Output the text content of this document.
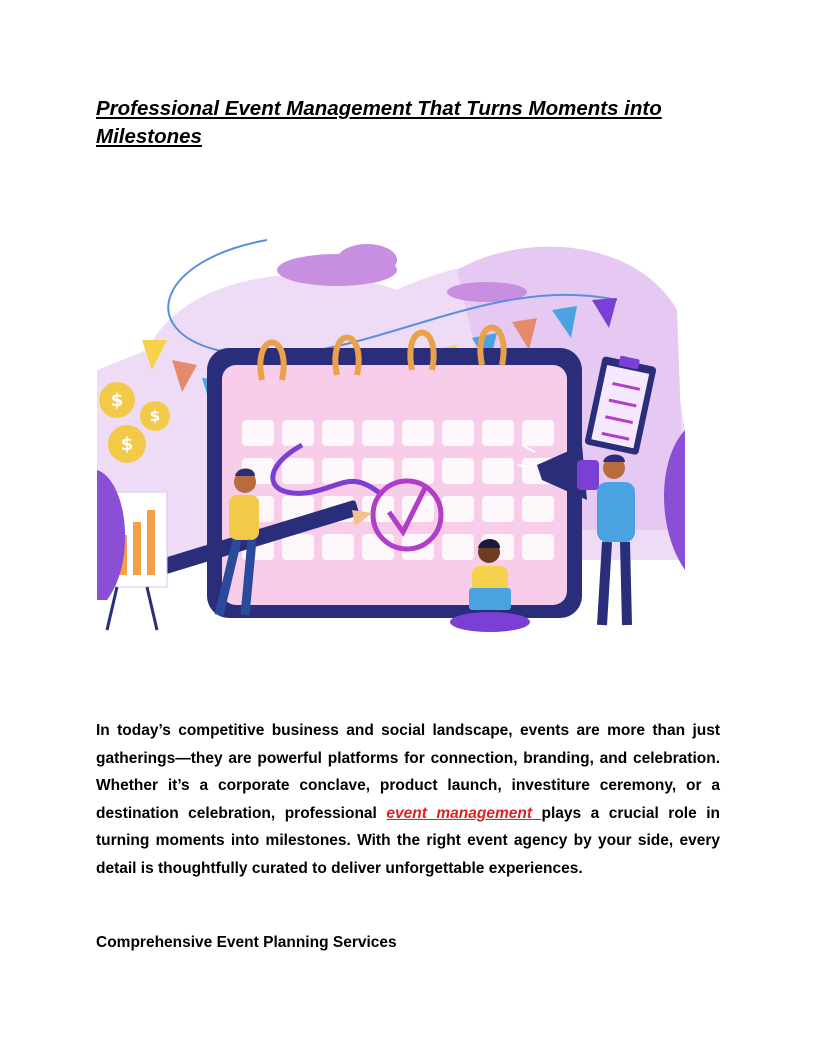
Professional Event Management That Turns Moments into Milestones
$
$
$

In today’s competitive business and social landscape, events are more than just gatherings—they are powerful platforms for connection, branding, and celebration. Whether it’s a corporate conclave, product launch, investiture ceremony, or a destination celebration, professional event management plays a crucial role in turning moments into milestones. With the right event agency by your side, every detail is thoughtfully curated to deliver unforgettable experiences.

Comprehensive Event Planning Services
